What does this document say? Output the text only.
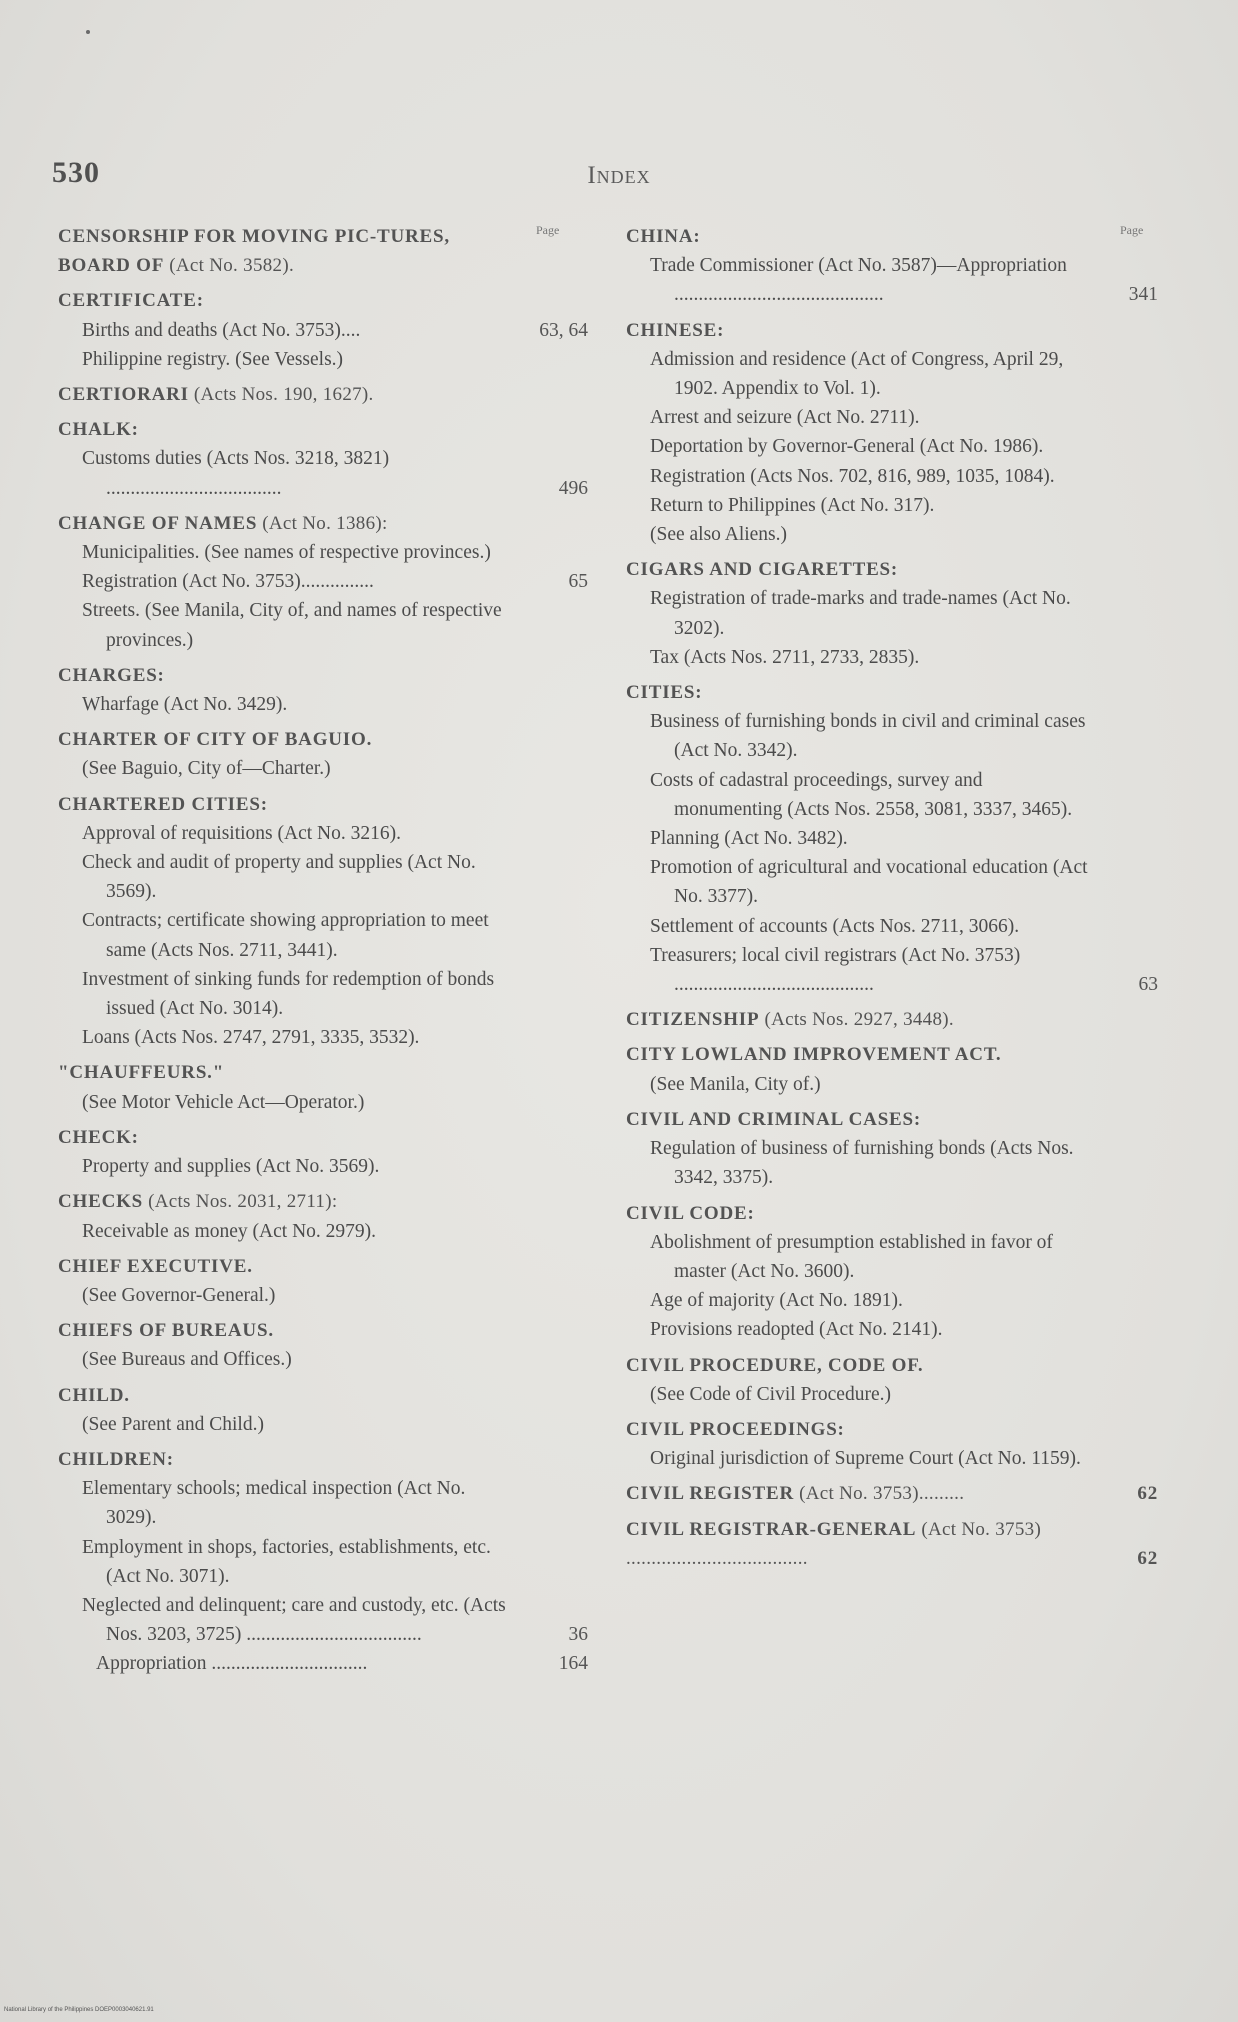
530	Index
Page
CENSORSHIP FOR MOVING PIC-TURES, BOARD OF (Act No. 3582).
CERTIFICATE:
Births and deaths (Act No. 3753)....	63, 64
Philippine registry. (See Vessels.)
CERTIORARI (Acts Nos. 190, 1627).
CHALK:
Customs duties (Acts Nos. 3218, 3821) ....................................	496
CHANGE OF NAMES (Act No. 1386):
Municipalities. (See names of respective provinces.)
Registration (Act No. 3753)...............	65
Streets. (See Manila, City of, and names of respective provinces.)
CHARGES:
Wharfage (Act No. 3429).
CHARTER OF CITY OF BAGUIO.
(See Baguio, City of—Charter.)
CHARTERED CITIES:
Approval of requisitions (Act No. 3216).
Check and audit of property and supplies (Act No. 3569).
Contracts; certificate showing appropriation to meet same (Acts Nos. 2711, 3441).
Investment of sinking funds for redemption of bonds issued (Act No. 3014).
Loans (Acts Nos. 2747, 2791, 3335, 3532).
"CHAUFFEURS."
(See Motor Vehicle Act—Operator.)
CHECK:
Property and supplies (Act No. 3569).
CHECKS (Acts Nos. 2031, 2711):
Receivable as money (Act No. 2979).
CHIEF EXECUTIVE.
(See Governor-General.)
CHIEFS OF BUREAUS.
(See Bureaus and Offices.)
CHILD.
(See Parent and Child.)
CHILDREN:
Elementary schools; medical inspection (Act No. 3029).
Employment in shops, factories, establishments, etc. (Act No. 3071).
Neglected and delinquent; care and custody, etc. (Acts Nos. 3203, 3725) ....................................	36
Appropriation ................................	164
Page
CHINA:
Trade Commissioner (Act No. 3587)—Appropriation ...........................................	341
CHINESE:
Admission and residence (Act of Congress, April 29, 1902. Appendix to Vol. 1).
Arrest and seizure (Act No. 2711).
Deportation by Governor-General (Act No. 1986).
Registration (Acts Nos. 702, 816, 989, 1035, 1084).
Return to Philippines (Act No. 317).
(See also Aliens.)
CIGARS AND CIGARETTES:
Registration of trade-marks and trade-names (Act No. 3202).
Tax (Acts Nos. 2711, 2733, 2835).
CITIES:
Business of furnishing bonds in civil and criminal cases (Act No. 3342).
Costs of cadastral proceedings, survey and monumenting (Acts Nos. 2558, 3081, 3337, 3465).
Planning (Act No. 3482).
Promotion of agricultural and vocational education (Act No. 3377).
Settlement of accounts (Acts Nos. 2711, 3066).
Treasurers; local civil registrars (Act No. 3753) .........................................	63
CITIZENSHIP (Acts Nos. 2927, 3448).
CITY LOWLAND IMPROVEMENT ACT.
(See Manila, City of.)
CIVIL AND CRIMINAL CASES:
Regulation of business of furnishing bonds (Acts Nos. 3342, 3375).
CIVIL CODE:
Abolishment of presumption established in favor of master (Act No. 3600).
Age of majority (Act No. 1891).
Provisions readopted (Act No. 2141).
CIVIL PROCEDURE, CODE OF.
(See Code of Civil Procedure.)
CIVIL PROCEEDINGS:
Original jurisdiction of Supreme Court (Act No. 1159).
CIVIL REGISTER (Act No. 3753).........	62
CIVIL REGISTRAR-GENERAL (Act No. 3753) ....................................	62
National Library of the Philippines DOEP0003040621.91
